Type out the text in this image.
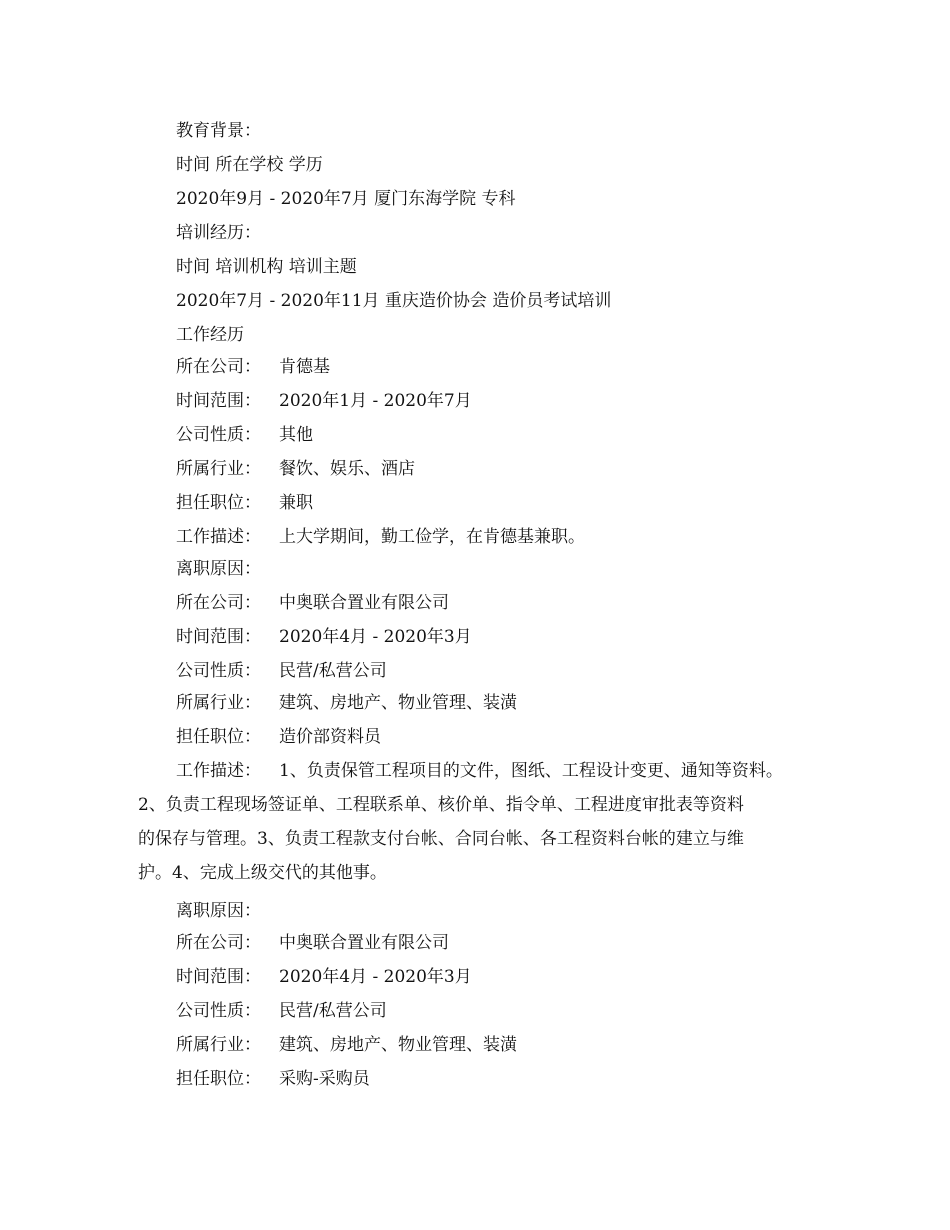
教育背景：
时间 所在学校 学历
2020年9月 - 2020年7月 厦门东海学院 专科
培训经历：
时间 培训机构 培训主题
2020年7月 - 2020年11月 重庆造价协会 造价员考试培训
工作经历
所在公司： 肯德基
时间范围： 2020年1月 - 2020年7月
公司性质： 其他
所属行业： 餐饮、娱乐、酒店
担任职位： 兼职
工作描述： 上大学期间，勤工俭学，在肯德基兼职。
离职原因：
所在公司： 中奥联合置业有限公司
时间范围： 2020年4月 - 2020年3月
公司性质： 民营/私营公司
所属行业： 建筑、房地产、物业管理、装潢
担任职位： 造价部资料员
工作描述： 1、负责保管工程项目的文件，图纸、工程设计变更、通知等资料。
2、负责工程现场签证单、工程联系单、核价单、指令单、工程进度审批表等资料
的保存与管理。3、负责工程款支付台帐、合同台帐、各工程资料台帐的建立与维
护。4、完成上级交代的其他事。
离职原因：
所在公司： 中奥联合置业有限公司
时间范围： 2020年4月 - 2020年3月
公司性质： 民营/私营公司
所属行业： 建筑、房地产、物业管理、装潢
担任职位： 采购-采购员
